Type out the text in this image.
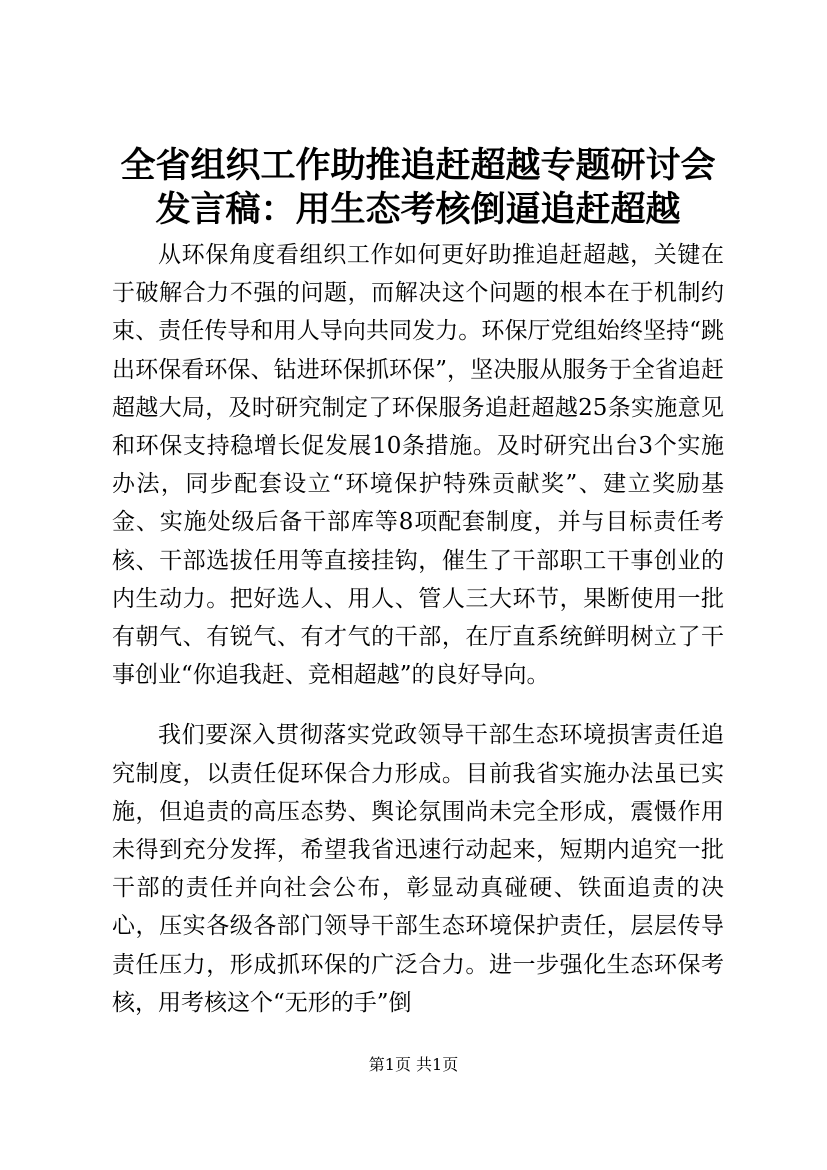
全省组织工作助推追赶超越专题研讨会发言稿：用生态考核倒逼追赶超越

从环保角度看组织工作如何更好助推追赶超越，关键在于破解合力不强的问题，而解决这个问题的根本在于机制约束、责任传导和用人导向共同发力。环保厅党组始终坚持“跳出环保看环保、钻进环保抓环保”，坚决服从服务于全省追赶超越大局，及时研究制定了环保服务追赶超越25条实施意见和环保支持稳增长促发展10条措施。及时研究出台3个实施办法，同步配套设立“环境保护特殊贡献奖”、建立奖励基金、实施处级后备干部库等8项配套制度，并与目标责任考核、干部选拔任用等直接挂钩，催生了干部职工干事创业的内生动力。把好选人、用人、管人三大环节，果断使用一批有朝气、有锐气、有才气的干部，在厅直系统鲜明树立了干事创业“你追我赶、竞相超越”的良好导向。

我们要深入贯彻落实党政领导干部生态环境损害责任追究制度，以责任促环保合力形成。目前我省实施办法虽已实施，但追责的高压态势、舆论氛围尚未完全形成，震慑作用未得到充分发挥，希望我省迅速行动起来，短期内追究一批干部的责任并向社会公布，彰显动真碰硬、铁面追责的决心，压实各级各部门领导干部生态环境保护责任，层层传导责任压力，形成抓环保的广泛合力。进一步强化生态环保考核，用考核这个“无形的手”倒

第1页 共1页
